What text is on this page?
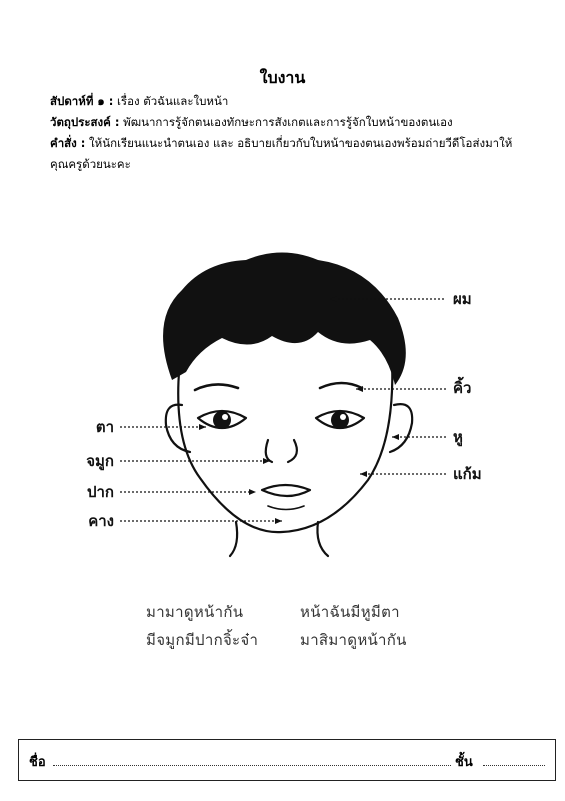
ใบงาน
สัปดาห์ที่ ๑ : เรื่อง ตัวฉันและใบหน้า
วัตถุประสงค์ : พัฒนาการรู้จักตนเองทักษะการสังเกตและการรู้จักใบหน้าของตนเอง
คำสั่ง : ให้นักเรียนแนะนำตนเอง และ อธิบายเกี่ยวกับใบหน้าของตนเองพร้อมถ่ายวีดีโอส่งมาให้
คุณครูด้วยนะคะ
ผม
คิ้ว
หู
แก้ม
ตา
จมูก
ปาก
คาง
มามาดูหน้ากัน	หน้าฉันมีหูมีตา
มีจมูกมีปากจิ้ะจ๋า	มาสิมาดูหน้ากัน
ชื่อ	ชั้น
